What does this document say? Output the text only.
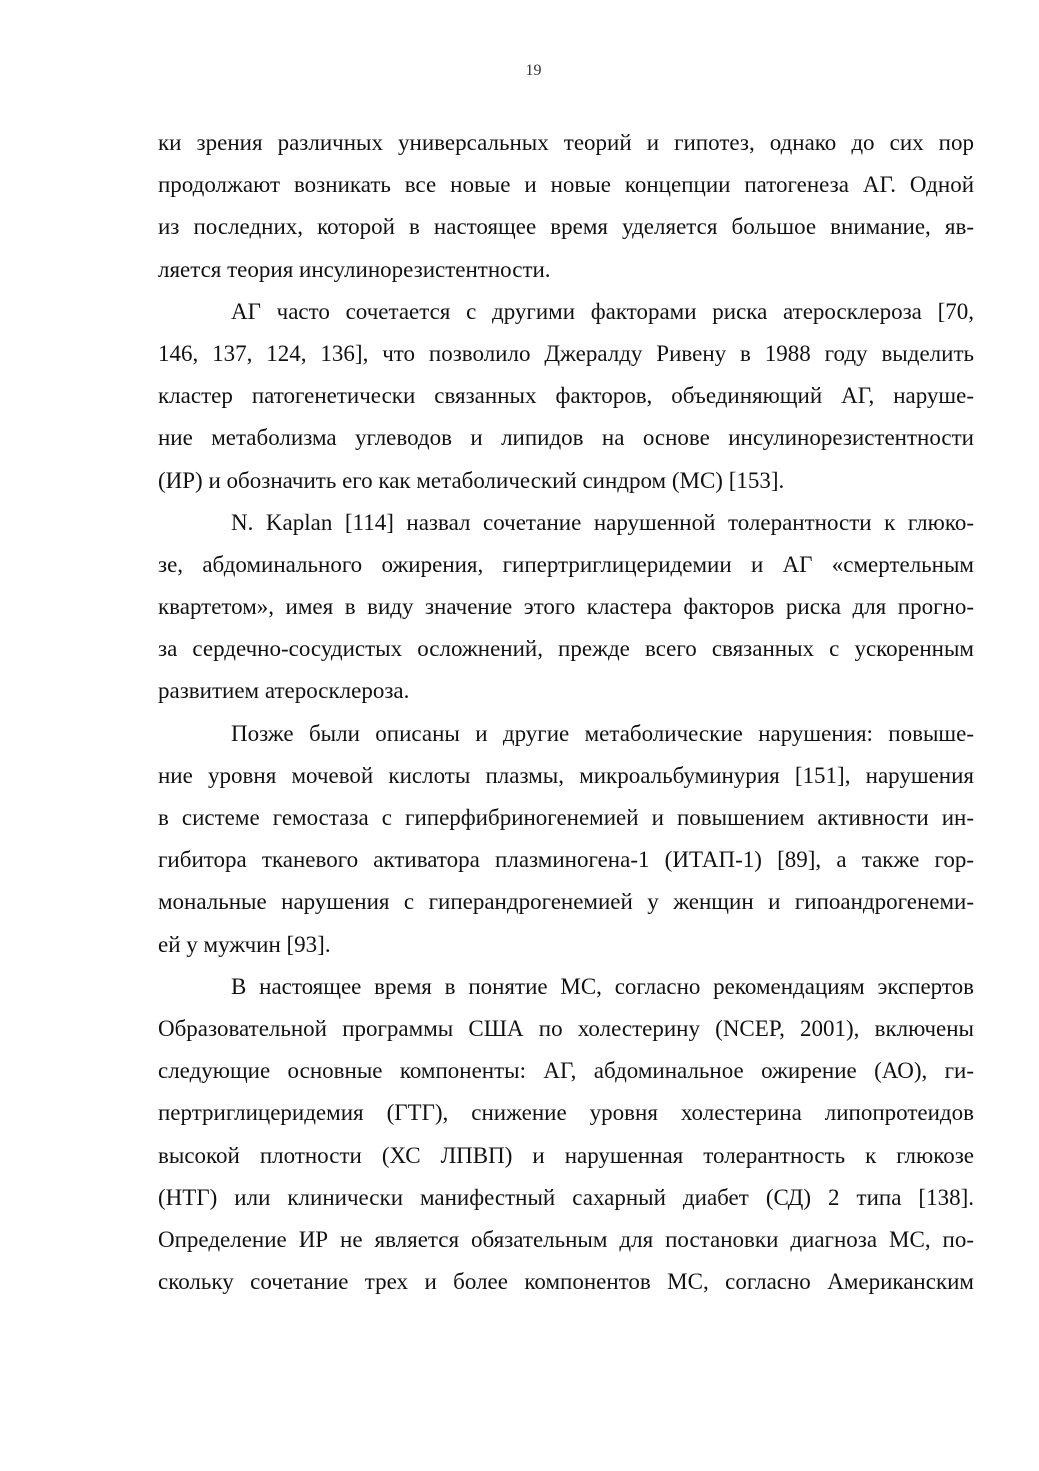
19
ки зрения различных универсальных теорий и гипотез, однако до сих пор
продолжают возникать все новые и новые концепции патогенеза АГ. Одной
из последних, которой в настоящее время уделяется большое внимание, яв-
ляется теория инсулинорезистентности.
АГ часто сочетается с другими факторами риска атеросклероза [70,
146, 137, 124, 136], что позволило Джералду Ривену в 1988 году выделить
кластер патогенетически связанных факторов, объединяющий АГ, наруше-
ние метаболизма углеводов и липидов на основе инсулинорезистентности
(ИР) и обозначить его как метаболический синдром (МС) [153].
N. Kaplan [114] назвал сочетание нарушенной толерантности к глюко-
зе, абдоминального ожирения, гипертриглицеридемии и АГ «смертельным
квартетом», имея в виду значение этого кластера факторов риска для прогно-
за сердечно-сосудистых осложнений, прежде всего связанных с ускоренным
развитием атеросклероза.
Позже были описаны и другие метаболические нарушения: повыше-
ние уровня мочевой кислоты плазмы, микроальбуминурия [151], нарушения
в системе гемостаза с гиперфибриногенемией и повышением активности ин-
гибитора тканевого активатора плазминогена-1 (ИТАП-1) [89], а также гор-
мональные нарушения с гиперандрогенемией у женщин и гипоандрогенеми-
ей у мужчин [93].
В настоящее время в понятие МС, согласно рекомендациям экспертов
Образовательной программы США по холестерину (NCEP, 2001), включены
следующие основные компоненты: АГ, абдоминальное ожирение (АО), ги-
пертриглицеридемия (ГТГ), снижение уровня холестерина липопротеидов
высокой плотности (ХС ЛПВП) и нарушенная толерантность к глюкозе
(НТГ) или клинически манифестный сахарный диабет (СД) 2 типа [138].
Определение ИР не является обязательным для постановки диагноза МС, по-
скольку сочетание трех и более компонентов МС, согласно Американским
